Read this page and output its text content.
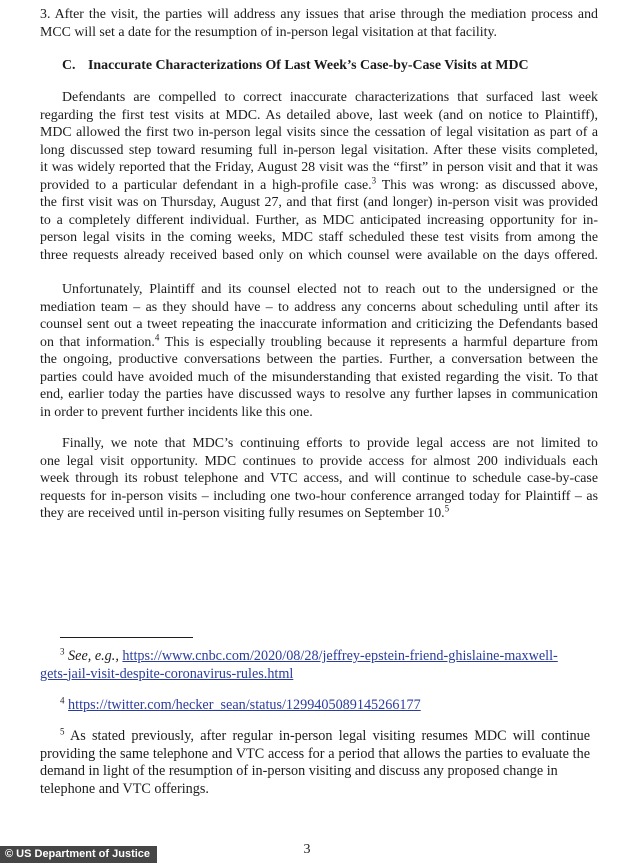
3. After the visit, the parties will address any issues that arise through the mediation process and
MCC will set a date for the resumption of in-person legal visitation at that facility.
C. Inaccurate Characterizations Of Last Week’s Case-by-Case Visits at MDC
Defendants are compelled to correct inaccurate characterizations that surfaced last week
regarding the first test visits at MDC. As detailed above, last week (and on notice to Plaintiff),
MDC allowed the first two in-person legal visits since the cessation of legal visitation as part of a
long discussed step toward resuming full in-person legal visitation. After these visits completed,
it was widely reported that the Friday, August 28 visit was the “first” in person visit and that it was
provided to a particular defendant in a high-profile case.$^3$ This was wrong: as discussed above,
the first visit was on Thursday, August 27, and that first (and longer) in-person visit was provided
to a completely different individual. Further, as MDC anticipated increasing opportunity for in-
person legal visits in the coming weeks, MDC staff scheduled these test visits from among the
three requests already received based only on which counsel were available on the days offered.
Unfortunately, Plaintiff and its counsel elected not to reach out to the undersigned or the
mediation team – as they should have – to address any concerns about scheduling until after its
counsel sent out a tweet repeating the inaccurate information and criticizing the Defendants based
on that information.$^4$ This is especially troubling because it represents a harmful departure from
the ongoing, productive conversations between the parties. Further, a conversation between the
parties could have avoided much of the misunderstanding that existed regarding the visit. To that
end, earlier today the parties have discussed ways to resolve any further lapses in communication
in order to prevent further incidents like this one.
Finally, we note that MDC’s continuing efforts to provide legal access are not limited to
one legal visit opportunity. MDC continues to provide access for almost 200 individuals each
week through its robust telephone and VTC access, and will continue to schedule case-by-case
requests for in-person visits – including one two-hour conference arranged today for Plaintiff – as
they are received until in-person visiting fully resumes on September 10.$^5$
$^3$ See, e.g., https://www.cnbc.com/2020/08/28/jeffrey-epstein-friend-ghislaine-maxwell-
gets-jail-visit-despite-coronavirus-rules.html
$^4$ https://twitter.com/hecker_sean/status/1299405089145266177
$^5$ As stated previously, after regular in-person legal visiting resumes MDC will continue
providing the same telephone and VTC access for a period that allows the parties to evaluate the
demand in light of the resumption of in-person visiting and discuss any proposed change in
telephone and VTC offerings.
3
© US Department of Justice
